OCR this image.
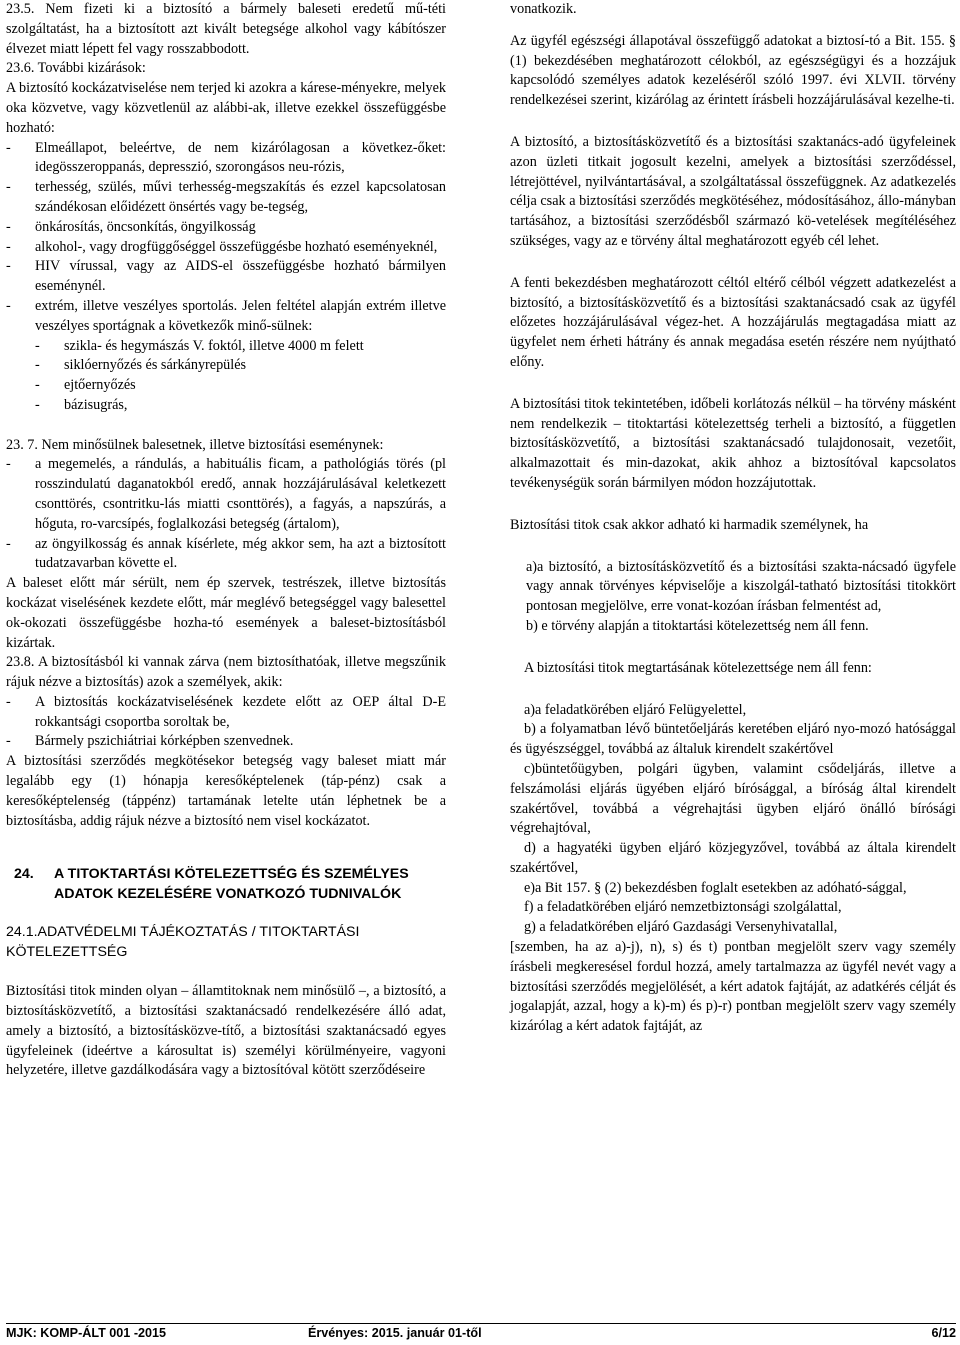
23.5. Nem fizeti ki a biztosító a bármely baleseti eredetű mű-téti szolgáltatást, ha a biztosított azt kivált betegsége alkohol vagy kábítószer élvezet miatt lépett fel vagy rosszabbodott.

23.6. További kizárások:

A biztosító kockázatviselése nem terjed ki azokra a kárese-ményekre, melyek oka közvetve, vagy közvetlenül az alábbi-ak, illetve ezekkel összefüggésbe hozható:

-	Elmeállapot, beleértve, de nem kizárólagosan a következ-őket: idegösszeroppanás, depresszió, szorongásos neu-rózis,
-	terhesség, szülés, művi terhesség-megszakítás és ezzel kapcsolatosan szándékosan előidézett önsértés vagy be-tegség,
-	önkárosítás, öncsonkítás, öngyilkosság
-	alkohol-, vagy drogfüggőséggel összefüggésbe hozható eseményeknél,
-	HIV vírussal, vagy az AIDS-el összefüggésbe hozható bármilyen eseménynél.
-	extrém, illetve veszélyes sportolás. Jelen feltétel alapján extrém illetve veszélyes sportágnak a következők minő-sülnek:
-	szikla- és hegymászás V. foktól, illetve 4000 m felett
-	siklóernyőzés és sárkányrepülés
-	ejtőernyőzés
-	bázisugrás,

23. 7. Nem minősülnek balesetnek, illetve biztosítási eseménynek:

-	a megemelés, a rándulás, a habituális ficam, a pathológiás törés (pl rosszindulatú daganatokból eredő, annak hozzájárulásával keletkezett csonttörés, csontritku-lás miatti csonttörés), a fagyás, a napszúrás, a hőguta, ro-varcsípés, foglalkozási betegség (ártalom),
-	az öngyilkosság és annak kísérlete, még akkor sem, ha azt a biztosított tudatzavarban követte el.

A baleset előtt már sérült, nem ép szervek, testrészek, illetve biztosítás kockázat viselésének kezdete előtt, már meglévő betegséggel vagy balesettel ok-okozati összefüggésbe hozha-tó események a baleset-biztosításból kizártak.

23.8. A biztosításból ki vannak zárva (nem biztosíthatóak, illetve megszűnik rájuk nézve a biztosítás) azok a személyek, akik:

-	A biztosítás kockázatviselésének kezdete előtt az OEP által D-E rokkantsági csoportba soroltak be,
-	Bármely pszichiátriai kórképben szenvednek.

A biztosítási szerződés megkötésekor betegség vagy baleset miatt már legalább egy (1) hónapja keresőképtelenek (táp-pénz) csak a keresőképtelenség (táppénz) tartamának letelte után léphetnek be a biztosításba, addig rájuk nézve a biztosító nem visel kockázatot.

24.	A TITOKTARTÁSI KÖTELEZETTSÉG ÉS SZEMÉLYES ADATOK KEZELÉSÉRE VONATKOZÓ TUDNIVALÓK

24.1.ADATVÉDELMI TÁJÉKOZTATÁS / TITOKTARTÁSI KÖTELEZETTSÉG

Biztosítási titok minden olyan – államtitoknak nem minősülő –, a biztosító, a biztosításközvetítő, a biztosítási szaktanácsadó rendelkezésére álló adat, amely a biztosító, a biztosításközve-títő, a biztosítási szaktanácsadó egyes ügyfeleinek (ideértve a károsultat is) személyi körülményeire, vagyoni helyzetére, illetve gazdálkodására vagy a biztosítóval kötött szerződéseire

vonatkozik.

Az ügyfél egészségi állapotával összefüggő adatokat a biztosí-tó a Bit. 155. § (1) bekezdésében meghatározott célokból, az egészségügyi és a hozzájuk kapcsolódó személyes adatok kezeléséről szóló 1997. évi XLVII. törvény rendelkezései szerint, kizárólag az érintett írásbeli hozzájárulásával kezelhe-ti.

A biztosító, a biztosításközvetítő és a biztosítási szaktanács-adó ügyfeleinek azon üzleti titkait jogosult kezelni, amelyek a biztosítási szerződéssel, létrejöttével, nyilvántartásával, a szolgáltatással összefüggnek. Az adatkezelés célja csak a biztosítási szerződés megkötéséhez, módosításához, állo-mányban tartásához, a biztosítási szerződésből származó kö-vetelések megítéléséhez szükséges, vagy az e törvény által meghatározott egyéb cél lehet.

A fenti bekezdésben meghatározott céltól eltérő célból végzett adatkezelést a biztosító, a biztosításközvetítő és a biztosítási szaktanácsadó csak az ügyfél előzetes hozzájárulásával végez-het. A hozzájárulás megtagadása miatt az ügyfelet nem érheti hátrány és annak megadása esetén részére nem nyújtható előny.

A biztosítási titok tekintetében, időbeli korlátozás nélkül – ha törvény másként nem rendelkezik – titoktartási kötelezettség terheli a biztosító, a független biztosításközvetítő, a biztosítási szaktanácsadó tulajdonosait, vezetőit, alkalmazottait és min-dazokat, akik ahhoz a biztosítóval kapcsolatos tevékenységük során bármilyen módon hozzájutottak.

Biztosítási titok csak akkor adható ki harmadik személynek, ha

a)a biztosító, a biztosításközvetítő és a biztosítási szakta-nácsadó ügyfele vagy annak törvényes képviselője a kiszolgál-tatható biztosítási titokkört pontosan megjelölve, erre vonat-kozóan írásban felmentést ad,

b) e törvény alapján a titoktartási kötelezettség nem áll fenn.

A biztosítási titok megtartásának kötelezettsége nem áll fenn:

a)a feladatkörében eljáró Felügyelettel,

b) a folyamatban lévő büntetőeljárás keretében eljáró nyo-mozó hatósággal és ügyészséggel, továbbá az általuk kirendelt szakértővel

c)büntetőügyben, polgári ügyben, valamint csődeljárás, illetve a felszámolási eljárás ügyében eljáró bírósággal, a bíróság által kirendelt szakértővel, továbbá a végrehajtási ügyben eljáró önálló bírósági végrehajtóval,

d) a hagyatéki ügyben eljáró közjegyzővel, továbbá az általa kirendelt szakértővel,

e)a Bit 157. § (2) bekezdésben foglalt esetekben az adóható-sággal,

f) a feladatkörében eljáró nemzetbiztonsági szolgálattal,

g) a feladatkörében eljáró Gazdasági Versenyhivatallal,

[szemben, ha az a)-j), n), s) és t) pontban megjelölt szerv vagy személy írásbeli megkeresésel fordul hozzá, amely tartalmazza az ügyfél nevét vagy a biztosítási szerződés megjelölését, a kért adatok fajtáját, az adatkérés célját és jogalapját, azzal, hogy a k)-m) és p)-r) pontban megjelölt szerv vagy személy kizárólag a kért adatok fajtáját, az

MJK: KOMP-ÁLT 001 -2015	Érvényes: 2015. január 01-től	6/12
